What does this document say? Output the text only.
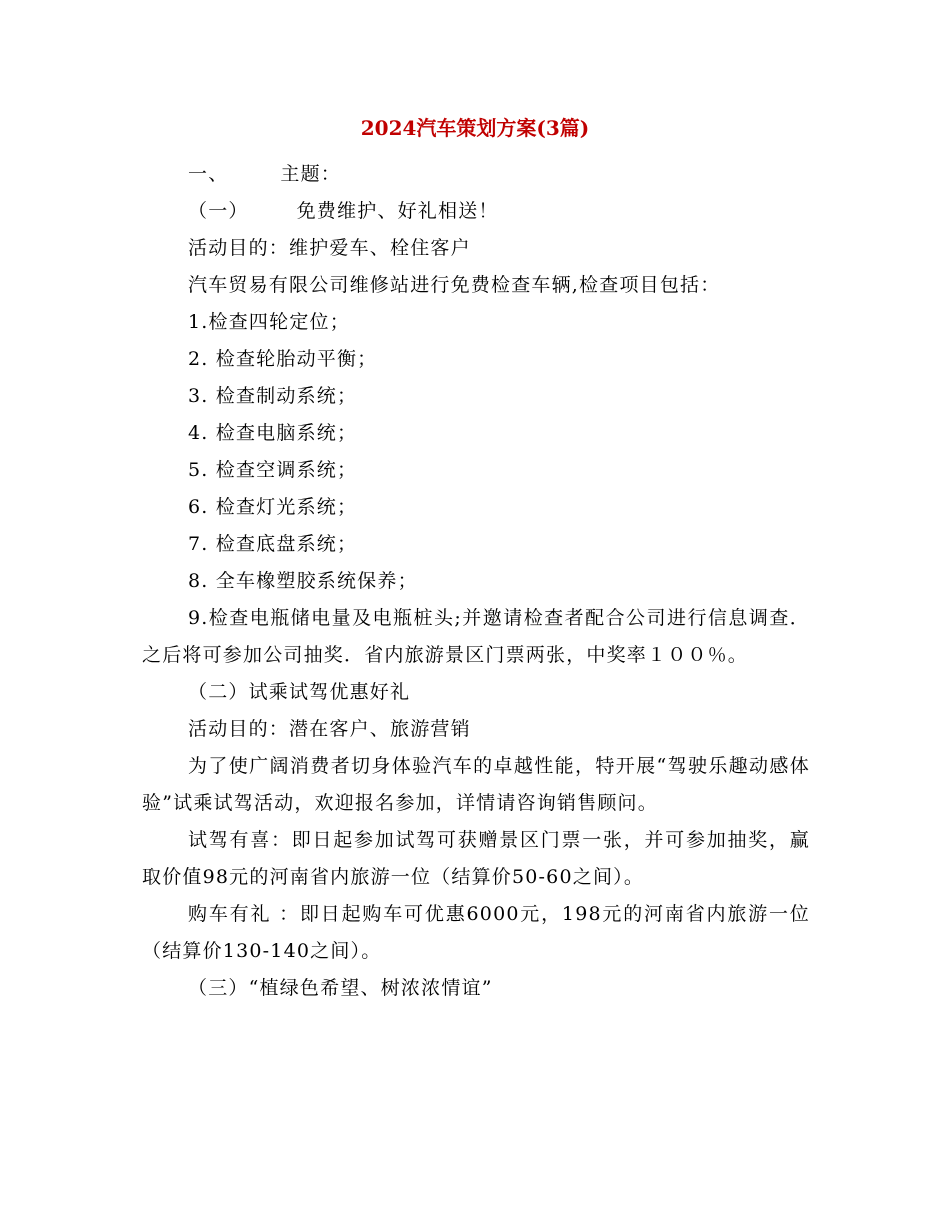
2024汽车策划方案(3篇)

一、	主题：

（一）	免费维护、好礼相送！

活动目的：维护爱车、栓住客户

汽车贸易有限公司维修站进行免费检查车辆,检查项目包括：

1.检查四轮定位；

2. 检查轮胎动平衡；

3. 检查制动系统；

4. 检查电脑系统；

5. 检查空调系统；

6. 检查灯光系统；

7. 检查底盘系统；

8. 全车橡塑胶系统保养；

9.检查电瓶储电量及电瓶桩头;并邀请检查者配合公司进行信息调查．之后将可参加公司抽奖．省内旅游景区门票两张，中奖率１００％。

（二）试乘试驾优惠好礼

活动目的：潜在客户、旅游营销

为了使广阔消费者切身体验汽车的卓越性能，特开展“驾驶乐趣动感体验”试乘试驾活动，欢迎报名参加，详情请咨询销售顾问。

试驾有喜：即日起参加试驾可获赠景区门票一张，并可参加抽奖，赢取价值98元的河南省内旅游一位（结算价50-60之间）。

购车有礼 ：即日起购车可优惠6000元，198元的河南省内旅游一位（结算价130-140之间）。

（三）“植绿色希望、树浓浓情谊”
